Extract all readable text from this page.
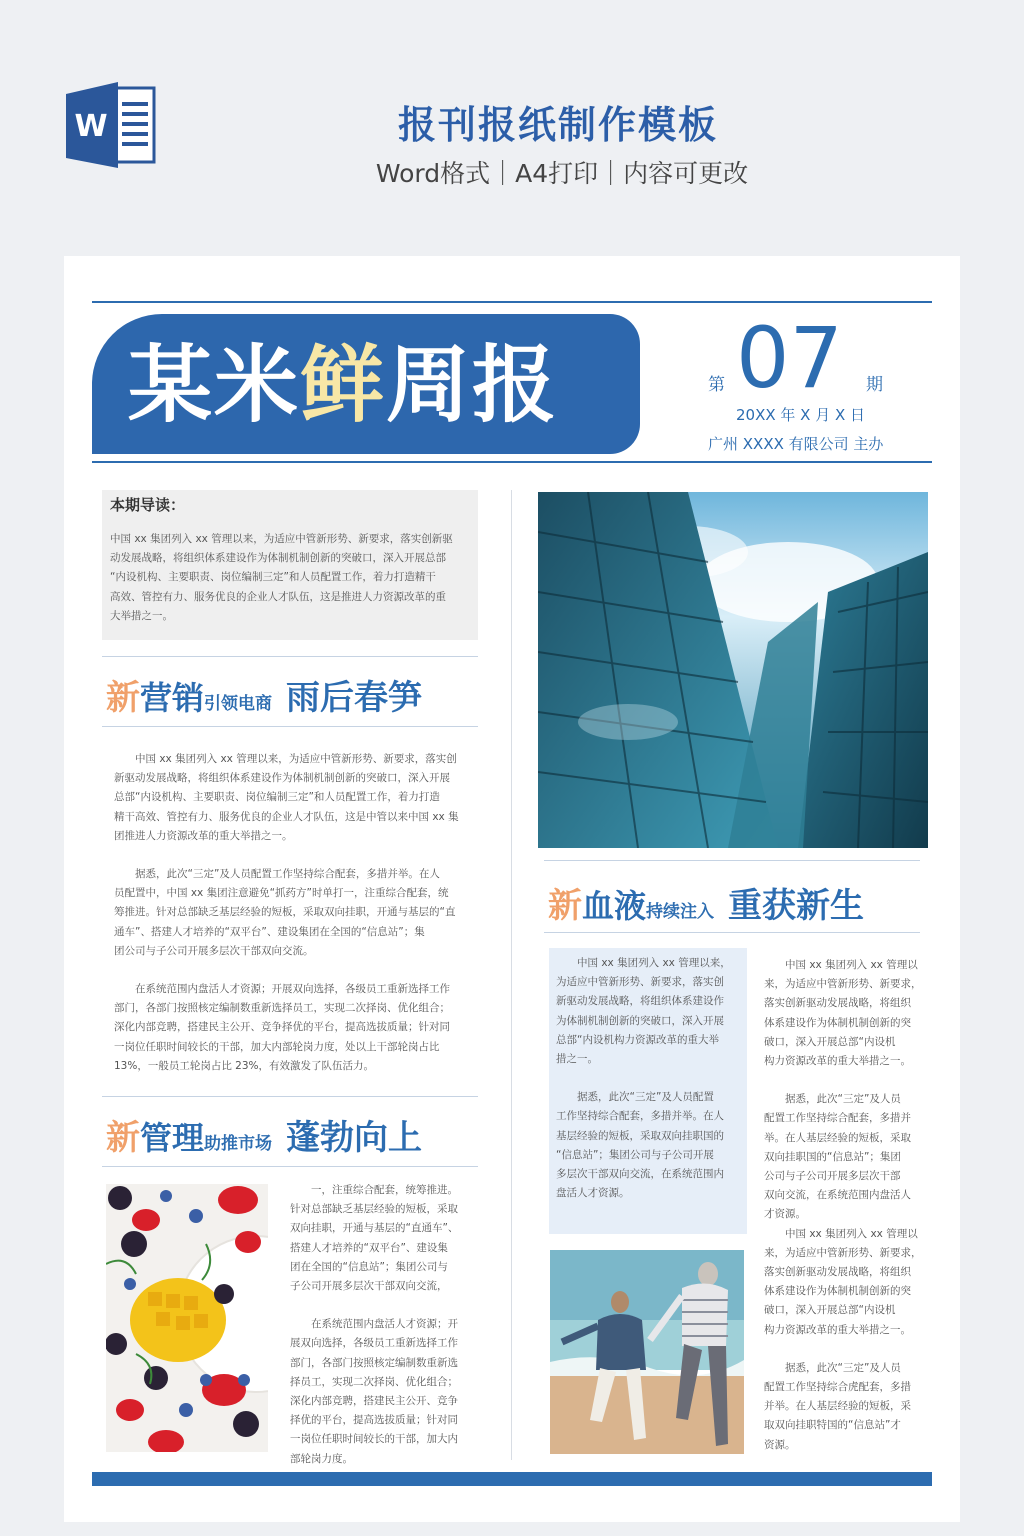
W	报刊报纸制作模板
Word格式｜A4打印｜内容可更改
某米鲜周报	第 07 期
20XX 年 X 月 X 日
广州 XXXX 有限公司 主办
本期导读：

中国 xx 集团列入 xx 管理以来，为适应中管新形势、新要求，落实创新驱

动发展战略，将组织体系建设作为体制机制创新的突破口，深入开展总部

“内设机构、主要职责、岗位编制三定”和人员配置工作，着力打造精干

高效、管控有力、服务优良的企业人才队伍，这是推进人力资源改革的重

大举措之一。

新营销引领电商 雨后春笋

　　中国 xx 集团列入 xx 管理以来，为适应中管新形势、新要求，落实创

新驱动发展战略，将组织体系建设作为体制机制创新的突破口，深入开展

总部“内设机构、主要职责、岗位编制三定”和人员配置工作，着力打造

精干高效、管控有力、服务优良的企业人才队伍，这是中管以来中国 xx 集

团推进人力资源改革的重大举措之一。

　　据悉，此次“三定”及人员配置工作坚持综合配套，多措并举。在人

员配置中，中国 xx 集团注意避免“抓药方”时单打一，注重综合配套，统

筹推进。针对总部缺乏基层经验的短板，采取双向挂职，开通与基层的“直

通车”、搭建人才培养的“双平台”、建设集团在全国的“信息站”；集

团公司与子公司开展多层次干部双向交流。

　　在系统范围内盘活人才资源；开展双向选择，各级员工重新选择工作

部门，各部门按照核定编制数重新选择员工，实现二次择岗、优化组合；

深化内部竞聘，搭建民主公开、竞争择优的平台，提高选拔质量；针对同

一岗位任职时间较长的干部，加大内部轮岗力度，处以上干部轮岗占比

13%，一般员工轮岗占比 23%，有效激发了队伍活力。

新管理助推市场 蓬勃向上

　　一，注重综合配套，统筹推进。

针对总部缺乏基层经验的短板，采取

双向挂职，开通与基层的“直通车”、

搭建人才培养的“双平台”、建设集

团在全国的“信息站”；集团公司与

子公司开展多层次干部双向交流，

　　在系统范围内盘活人才资源；开

展双向选择，各级员工重新选择工作

部门，各部门按照核定编制数重新选

择员工，实现二次择岗、优化组合；

深化内部竞聘，搭建民主公开、竞争

择优的平台，提高选拔质量；针对同

一岗位任职时间较长的干部，加大内

部轮岗力度。

新血液持续注入 重获新生

　　中国 xx 集团列入 xx 管理以来，

为适应中管新形势、新要求，落实创

新驱动发展战略，将组织体系建设作

为体制机制创新的突破口，深入开展

总部“内设机构力资源改革的重大举

措之一。

　　据悉，此次“三定”及人员配置

工作坚持综合配套，多措并举。在人

基层经验的短板，采取双向挂职国的

“信息站”；集团公司与子公司开展

多层次干部双向交流，在系统范围内

盘活人才资源。

　　中国 xx 集团列入 xx 管理以

来，为适应中管新形势、新要求，

落实创新驱动发展战略，将组织

体系建设作为体制机制创新的突

破口，深入开展总部“内设机

构力资源改革的重大举措之一。

　　据悉，此次“三定”及人员

配置工作坚持综合配套，多措并

举。在人基层经验的短板，采取

双向挂职国的“信息站”；集团

公司与子公司开展多层次干部

双向交流，在系统范围内盘活人

才资源。

　　中国 xx 集团列入 xx 管理以

来，为适应中管新形势、新要求，

落实创新驱动发展战略，将组织

体系建设作为体制机制创新的突

破口，深入开展总部“内设机

构力资源改革的重大举措之一。

　　据悉，此次“三定”及人员

配置工作坚持综合虎配套，多措

并举。在人基层经验的短板，采

取双向挂职特国的“信息站”才

资源。
